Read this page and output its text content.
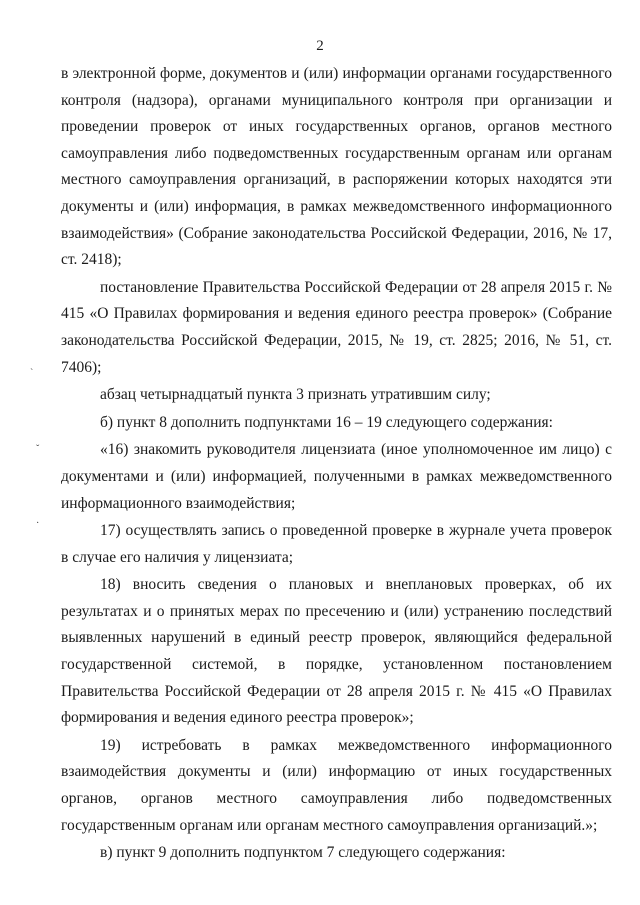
2
`
ˇ
·

в электронной форме, документов и (или) информации органами государственного контроля (надзора), органами муниципального контроля при организации и проведении проверок от иных государственных органов, органов местного самоуправления либо подведомственных государственным органам или органам местного самоуправления организаций, в распоряжении которых находятся эти документы и (или) информация, в рамках межведомственного информационного взаимодействия» (Собрание законодательства Российской Федерации, 2016, № 17, ст. 2418);

постановление Правительства Российской Федерации от 28 апреля 2015 г. № 415 «О Правилах формирования и ведения единого реестра проверок» (Собрание законодательства Российской Федерации, 2015, № 19, ст. 2825; 2016, № 51, ст. 7406);

абзац четырнадцатый пункта 3 признать утратившим силу;

б) пункт 8 дополнить подпунктами 16 – 19 следующего содержания:

«16) знакомить руководителя лицензиата (иное уполномоченное им лицо) с документами и (или) информацией, полученными в рамках межведомственного информационного взаимодействия;

17) осуществлять запись о проведенной проверке в журнале учета проверок в случае его наличия у лицензиата;

18) вносить сведения о плановых и внеплановых проверках, об их результатах и о принятых мерах по пресечению и (или) устранению последствий выявленных нарушений в единый реестр проверок, являющийся федеральной государственной системой, в порядке, установленном постановлением Правительства Российской Федерации от 28 апреля 2015 г. № 415 «О Правилах формирования и ведения единого реестра проверок»;

19) истребовать в рамках межведомственного информационного взаимодействия документы и (или) информацию от иных государственных органов, органов местного самоуправления либо подведомственных государственным органам или органам местного самоуправления организаций.»;

в) пункт 9 дополнить подпунктом 7 следующего содержания:
